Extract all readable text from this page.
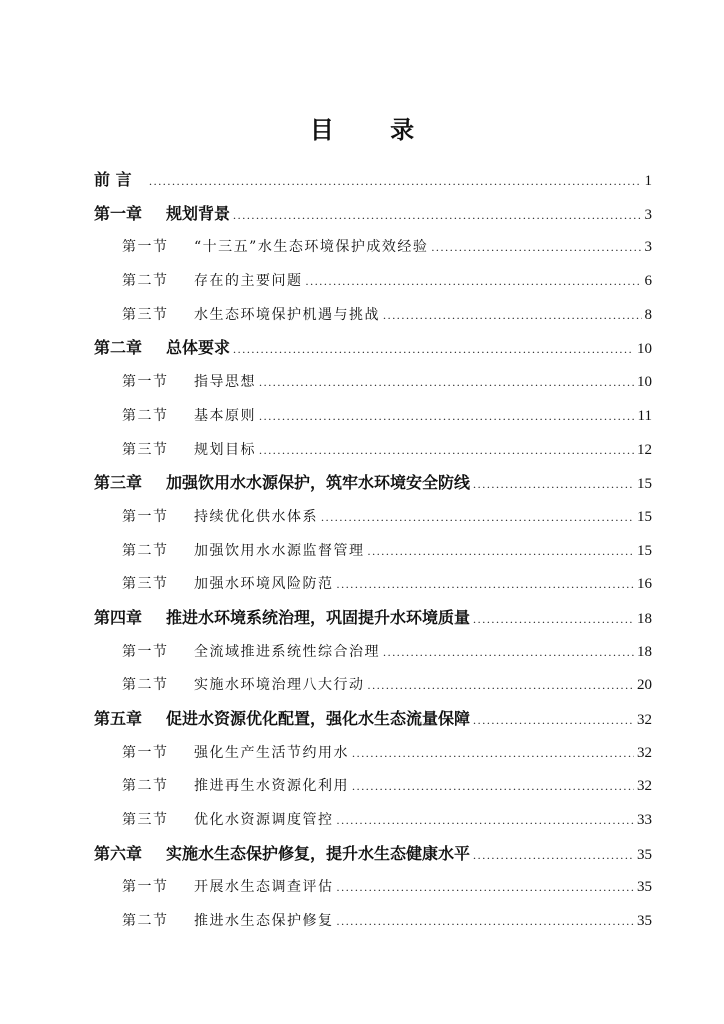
目 录
前 言 .....	1
第一章	规划背景 .....	3
第一节	“十三五”水生态环境保护成效经验 .....	3
第二节	存在的主要问题 .....	6
第三节	水生态环境保护机遇与挑战 .....	8
第二章	总体要求 .....	10
第一节	指导思想 .....	10
第二节	基本原则 .....	11
第三节	规划目标 .....	12
第三章	加强饮用水水源保护，筑牢水环境安全防线 .....	15
第一节	持续优化供水体系 .....	15
第二节	加强饮用水水源监督管理 .....	15
第三节	加强水环境风险防范 .....	16
第四章	推进水环境系统治理，巩固提升水环境质量 .....	18
第一节	全流域推进系统性综合治理 .....	18
第二节	实施水环境治理八大行动 .....	20
第五章	促进水资源优化配置，强化水生态流量保障 .....	32
第一节	强化生产生活节约用水 .....	32
第二节	推进再生水资源化利用 .....	32
第三节	优化水资源调度管控 .....	33
第六章	实施水生态保护修复，提升水生态健康水平 .....	35
第一节	开展水生态调查评估 .....	35
第二节	推进水生态保护修复 .....	35
